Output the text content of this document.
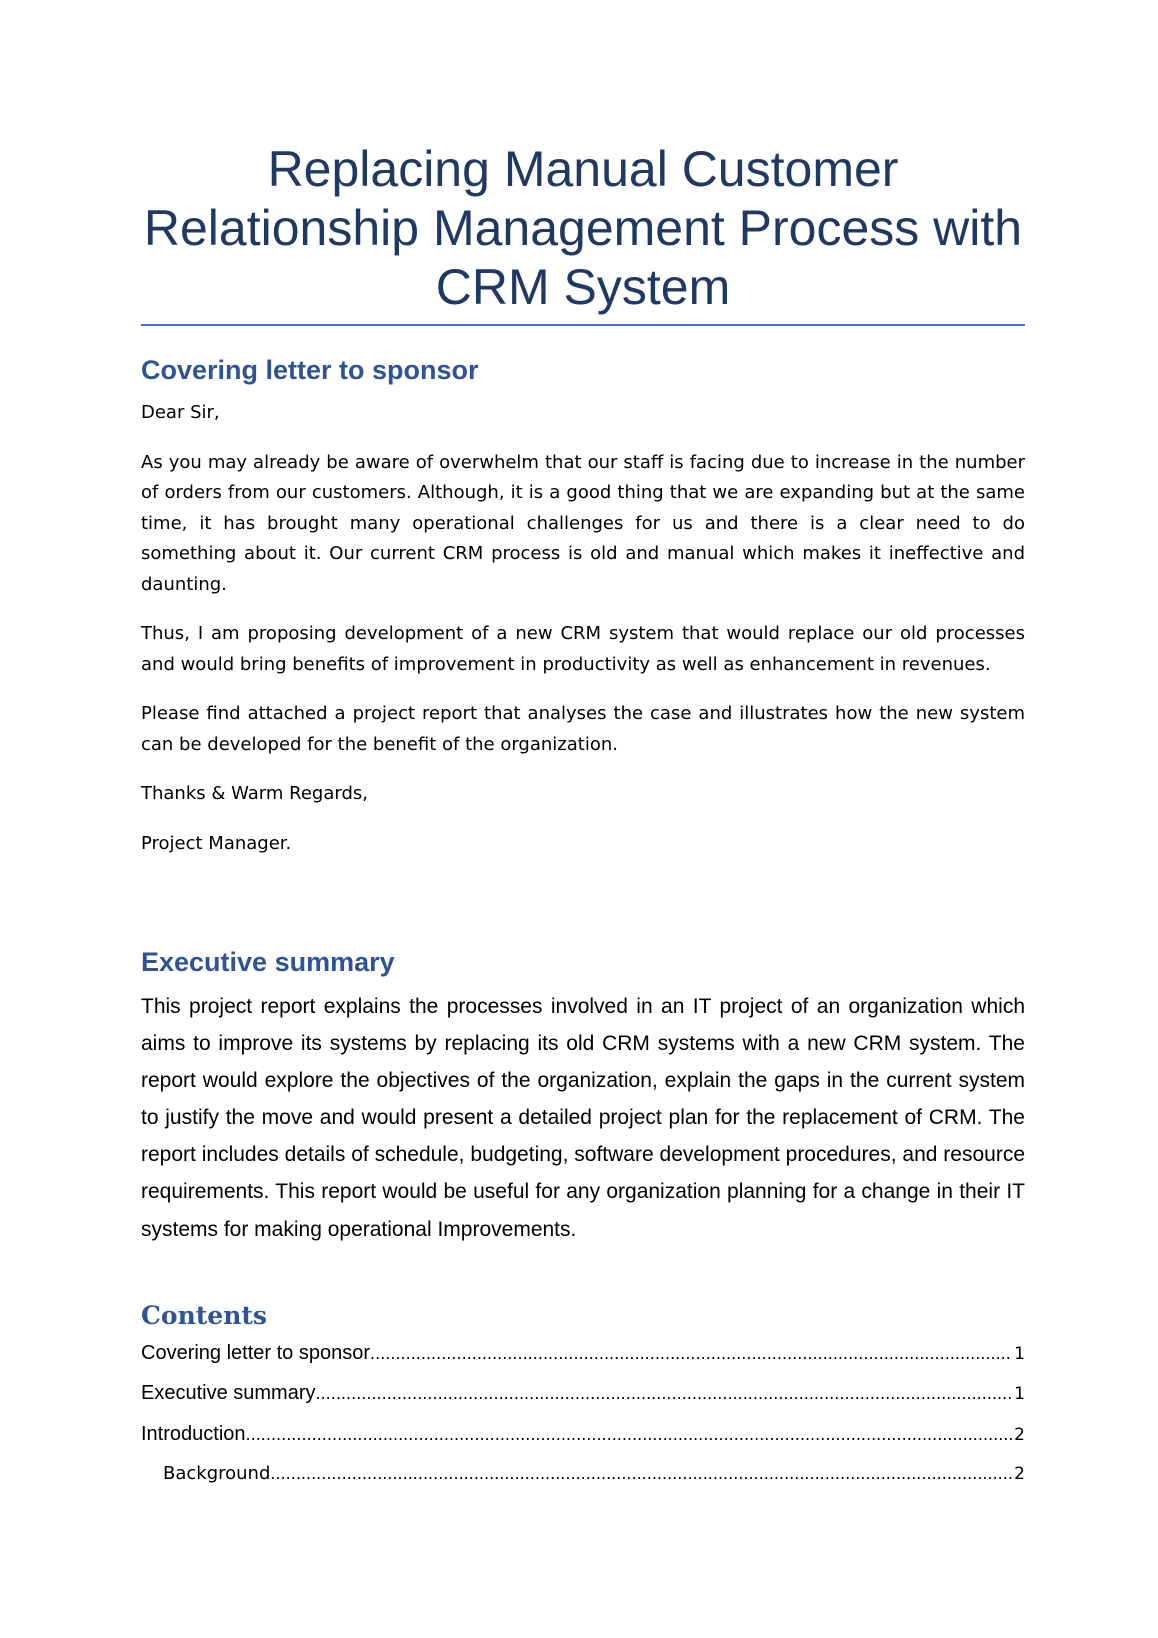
Replacing Manual Customer Relationship Management Process with CRM System
Covering letter to sponsor

Dear Sir,

As you may already be aware of overwhelm that our staff is facing due to increase in the number of orders from our customers. Although, it is a good thing that we are expanding but at the same time, it has brought many operational challenges for us and there is a clear need to do something about it. Our current CRM process is old and manual which makes it ineffective and daunting.

Thus, I am proposing development of a new CRM system that would replace our old processes and would bring benefits of improvement in productivity as well as enhancement in revenues.

Please find attached a project report that analyses the case and illustrates how the new system can be developed for the benefit of the organization.

Thanks & Warm Regards,

Project Manager.

Executive summary

This project report explains the processes involved in an IT project of an organization which aims to improve its systems by replacing its old CRM systems with a new CRM system. The report would explore the objectives of the organization, explain the gaps in the current system to justify the move and would present a detailed project plan for the replacement of CRM. The report includes details of schedule, budgeting, software development procedures, and resource requirements. This report would be useful for any organization planning for a change in their IT systems for making operational Improvements.

Contents
Covering letter to sponsor .....	1
Executive summary .....	1
Introduction .....	2
Background .....	2
